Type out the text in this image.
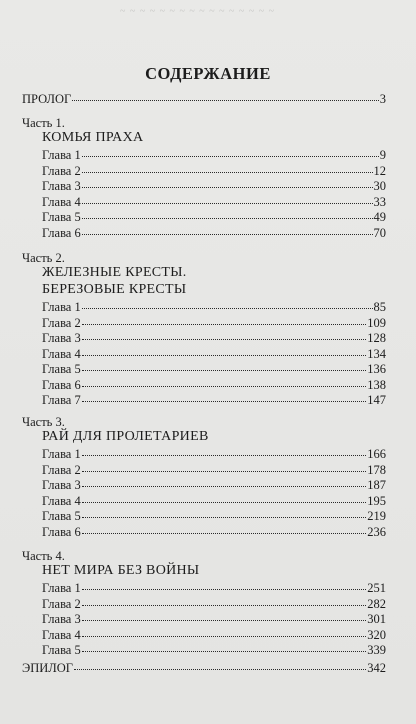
~ ~ ~ ~ ~ ~ ~ ~ ~ ~ ~ ~ ~ ~ ~ ~
СОДЕРЖАНИЕ
ПРОЛОГ	3
Часть 1.
КОМЬЯ ПРАХА
Глава 1	9
Глава 2	12
Глава 3	30
Глава 4	33
Глава 5	49
Глава 6	70
Часть 2.
ЖЕЛЕЗНЫЕ КРЕСТЫ.
БЕРЕЗОВЫЕ КРЕСТЫ
Глава 1	85
Глава 2	109
Глава 3	128
Глава 4	134
Глава 5	136
Глава 6	138
Глава 7	147
Часть 3.
РАЙ ДЛЯ ПРОЛЕТАРИЕВ
Глава 1	166
Глава 2	178
Глава 3	187
Глава 4	195
Глава 5	219
Глава 6	236
Часть 4.
НЕТ МИРА БЕЗ ВОЙНЫ
Глава 1	251
Глава 2	282
Глава 3	301
Глава 4	320
Глава 5	339
ЭПИЛОГ	342
